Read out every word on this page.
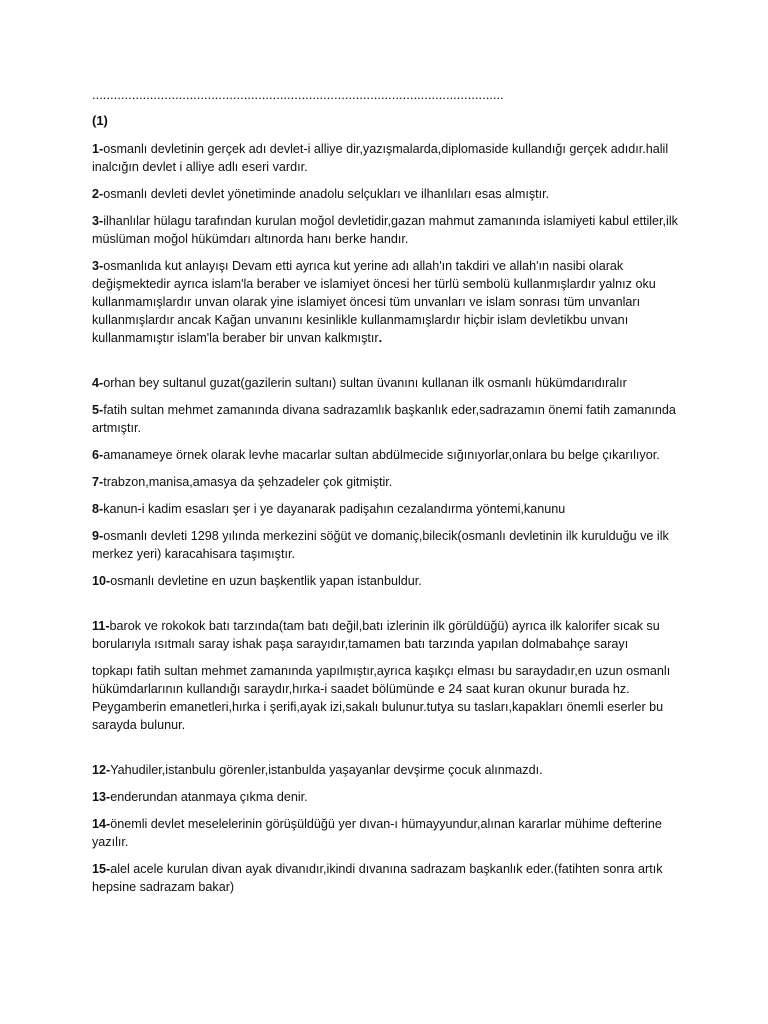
..................................................................................................................
(1)

1-osmanlı devletinin gerçek adı devlet-i alliye dir,yazışmalarda,diplomaside kullandığı gerçek adıdır.halil inalcığın devlet i alliye adlı eseri vardır.

2-osmanlı devleti devlet yönetiminde anadolu selçukları ve ilhanlıları esas almıştır.

3-ilhanlılar hülagu tarafından kurulan moğol devletidir,gazan mahmut zamanında islamiyeti kabul ettiler,ilk müslüman moğol hükümdarı altınorda hanı berke handır.

3-osmanlıda kut anlayışı Devam etti ayrıca kut yerine adı allah'ın takdiri ve allah'ın nasibi olarak değişmektedir ayrıca islam'la beraber ve islamiyet öncesi her türlü sembolü kullanmışlardır yalnız oku kullanmamışlardır unvan olarak yine islamiyet öncesi tüm unvanları ve islam sonrası tüm unvanları kullanmışlardır ancak Kağan unvanını kesinlikle kullanmamışlardır hiçbir islam devletikbu unvanı kullanmamıştır islam'la beraber bir unvan kalkmıştır.

4-orhan bey sultanul guzat(gazilerin sultanı) sultan üvanını kullanan ilk osmanlı hükümdarıdıralır

5-fatih sultan mehmet zamanında divana sadrazamlık başkanlık eder,sadrazamın önemi fatih zamanında artmıştır.

6-amanameye örnek olarak levhe macarlar sultan abdülmecide sığınıyorlar,onlara bu belge çıkarılıyor.

7-trabzon,manisa,amasya da şehzadeler çok gitmiştir.

8-kanun-i kadim esasları şer i ye dayanarak padişahın cezalandırma yöntemi,kanunu

9-osmanlı devleti 1298 yılında merkezini söğüt ve domaniç,bilecik(osmanlı devletinin ilk kurulduğu ve ilk merkez yeri) karacahisara taşımıştır.

10-osmanlı devletine en uzun başkentlik yapan istanbuldur.

11-barok ve rokokok batı tarzında(tam batı değil,batı izlerinin ilk görüldüğü) ayrıca ilk kalorifer sıcak su borularıyla ısıtmalı saray ishak paşa sarayıdır,tamamen batı tarzında yapılan dolmabahçe sarayı

topkapı fatih sultan mehmet zamanında yapılmıştır,ayrıca kaşıkçı elması bu saraydadır,en uzun osmanlı hükümdarlarının kullandığı saraydır,hırka-i saadet bölümünde e 24 saat kuran okunur burada hz. Peygamberin emanetleri,hırka i şerifi,ayak izi,sakalı bulunur.tutya su tasları,kapakları önemli eserler bu sarayda bulunur.

12-Yahudiler,istanbulu görenler,istanbulda yaşayanlar devşirme çocuk alınmazdı.

13-enderundan atanmaya çıkma denir.

14-önemli devlet meselelerinin görüşüldüğü yer dıvan-ı hümayyundur,alınan kararlar mühime defterine yazılır.

15-alel acele kurulan divan ayak divanıdır,ikindi dıvanına sadrazam başkanlık eder.(fatihten sonra artık hepsine sadrazam bakar)
